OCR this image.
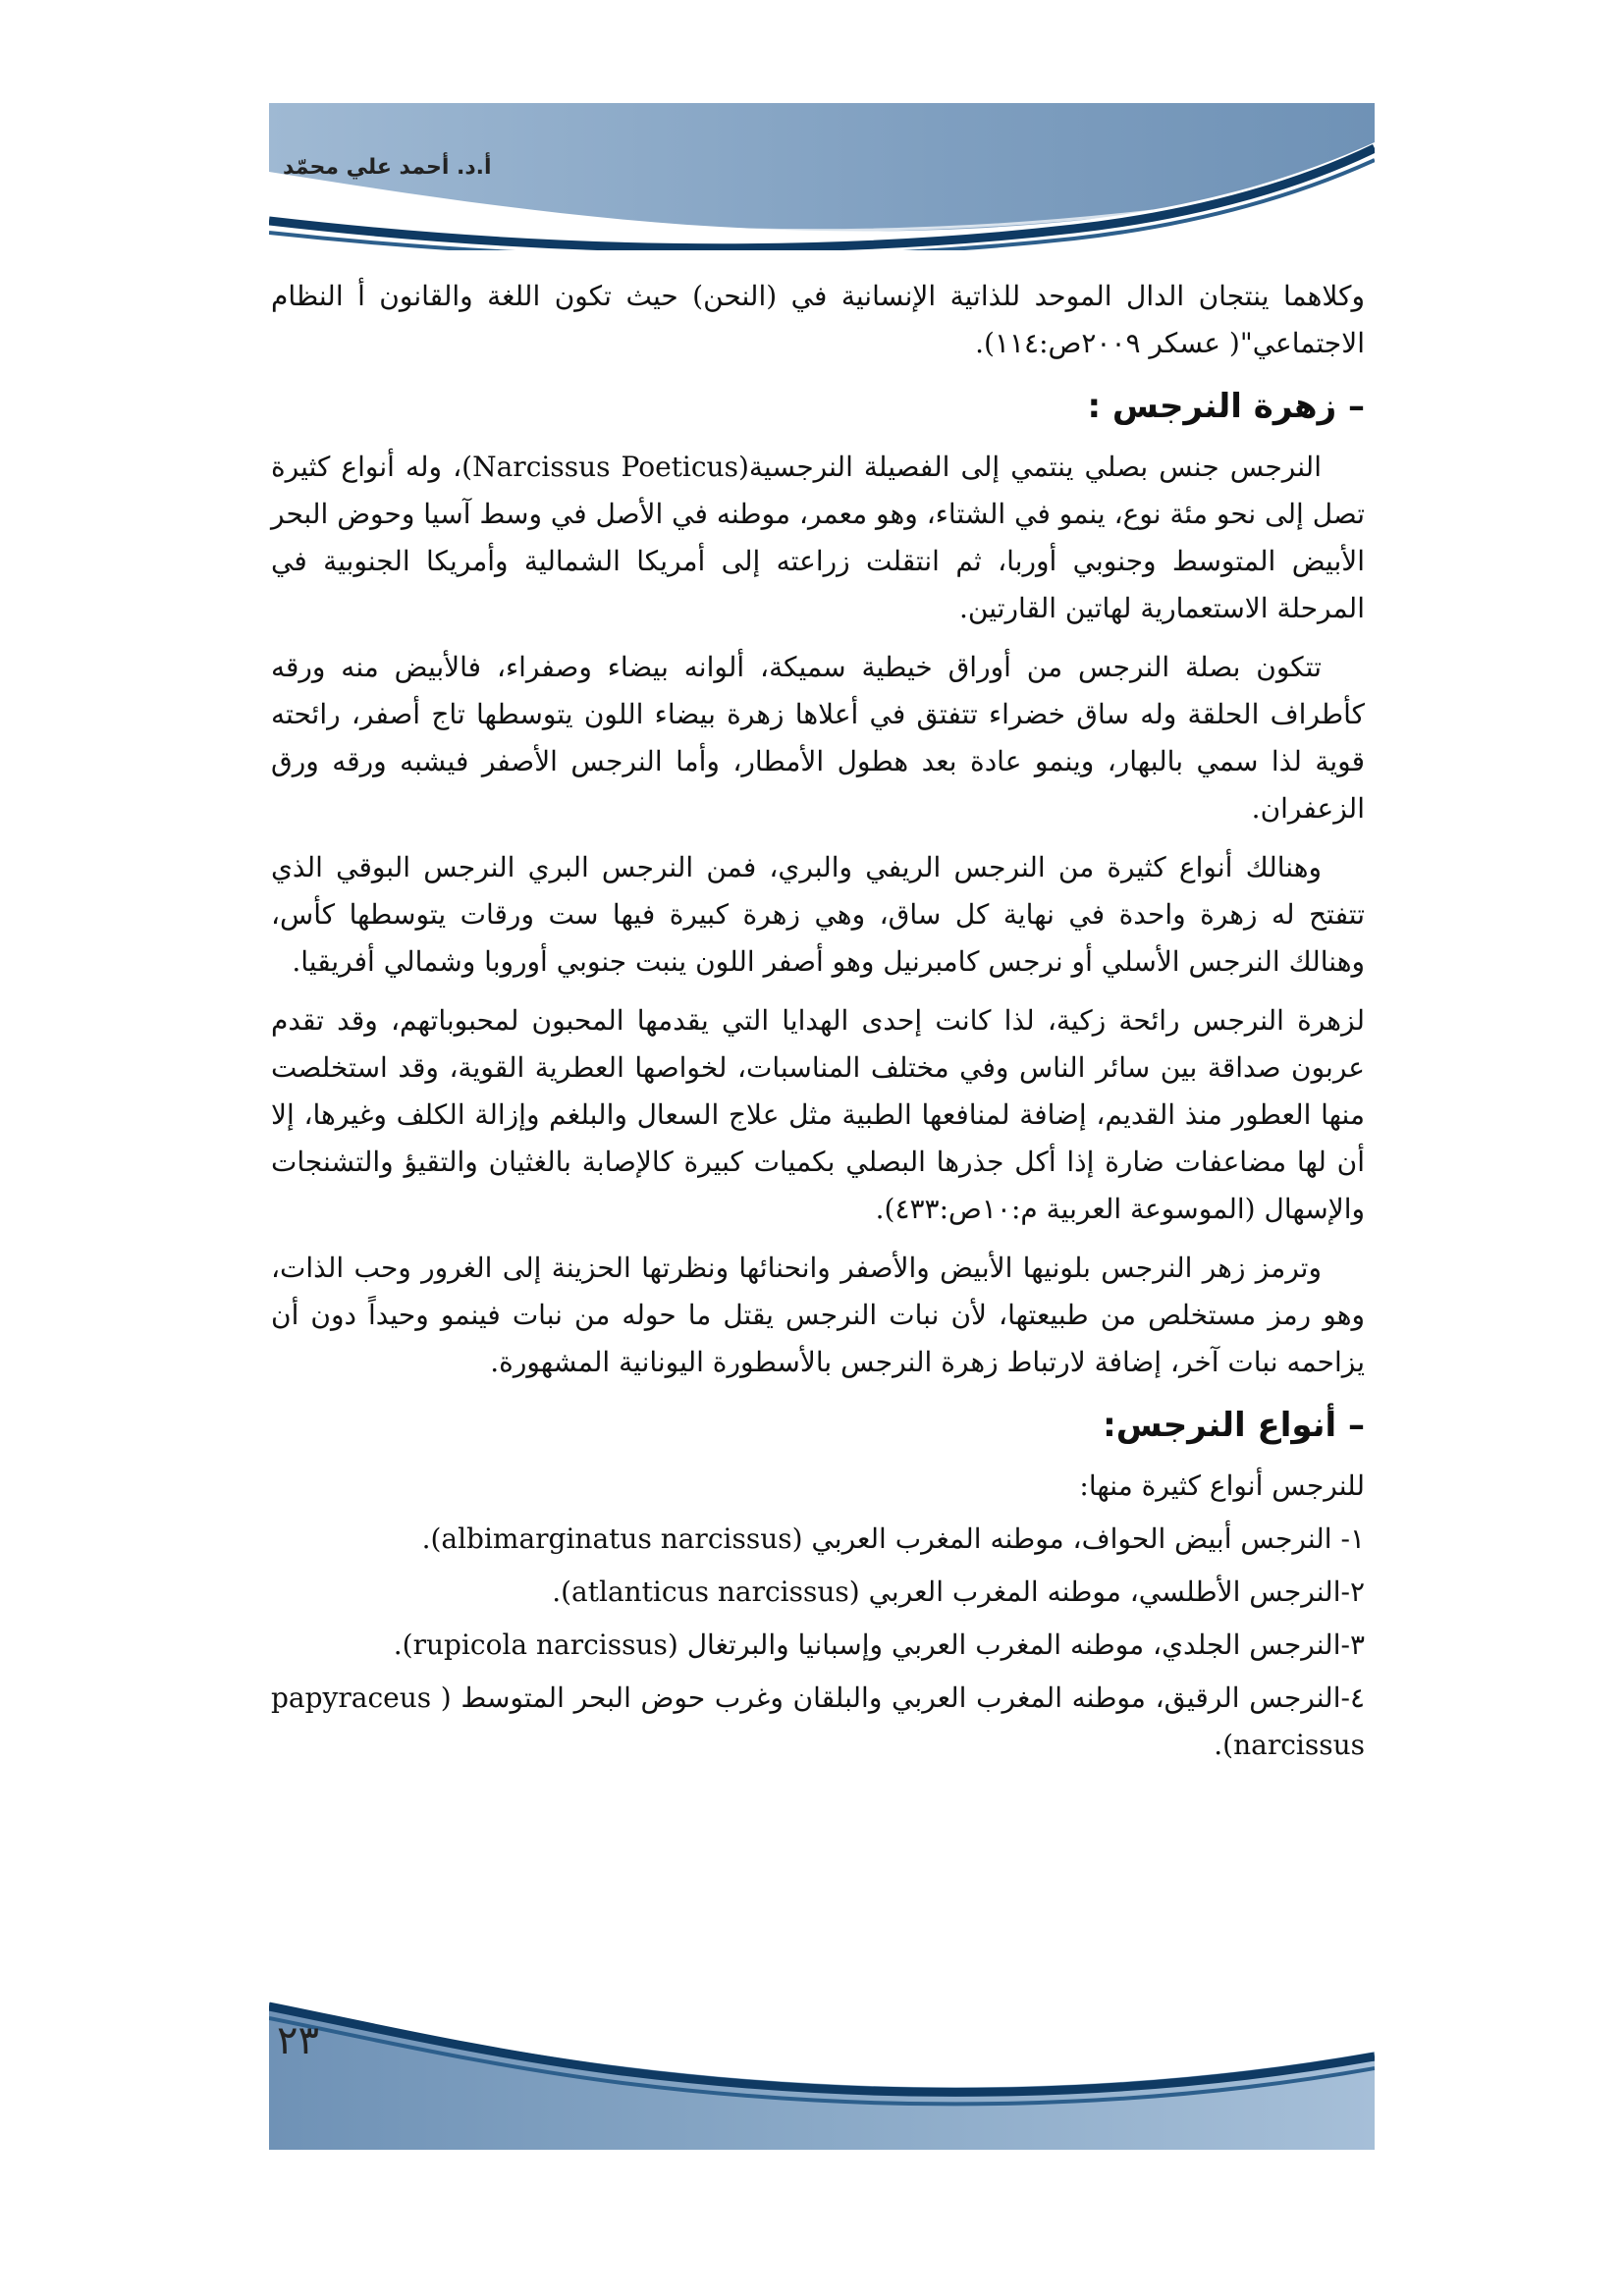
أ.د. أحمد علي محمّد

وكلاهما ينتجان الدال الموحد للذاتية الإنسانية في (النحن) حيث تكون اللغة والقانون أ النظام الاجتماعي"( عسكر ٢٠٠٩ص:١١٤).

– زهرة النرجس :

النرجس جنس بصلي ينتمي إلى الفصيلة النرجسية(Narcissus Poeticus)، وله أنواع كثيرة تصل إلى نحو مئة نوع، ينمو في الشتاء، وهو معمر، موطنه في الأصل في وسط آسيا وحوض البحر الأبيض المتوسط وجنوبي أوربا، ثم انتقلت زراعته إلى أمريكا الشمالية وأمريكا الجنوبية في المرحلة الاستعمارية لهاتين القارتين.

تتكون بصلة النرجس من أوراق خيطية سميكة، ألوانه بيضاء وصفراء، فالأبيض منه ورقه كأطراف الحلقة وله ساق خضراء تتفتق في أعلاها زهرة بيضاء اللون يتوسطها تاج أصفر، رائحته قوية لذا سمي بالبهار، وينمو عادة بعد هطول الأمطار، وأما النرجس الأصفر فيشبه ورقه ورق الزعفران.

وهنالك أنواع كثيرة من النرجس الريفي والبري، فمن النرجس البري النرجس البوقي الذي تتفتح له زهرة واحدة في نهاية كل ساق، وهي زهرة كبيرة فيها ست ورقات يتوسطها كأس، وهنالك النرجس الأسلي أو نرجس كامبرنيل وهو أصفر اللون ينبت جنوبي أوروبا وشمالي أفريقيا.

لزهرة النرجس رائحة زكية، لذا كانت إحدى الهدايا التي يقدمها المحبون لمحبوباتهم، وقد تقدم عربون صداقة بين سائر الناس وفي مختلف المناسبات، لخواصها العطرية القوية، وقد استخلصت منها العطور منذ القديم، إضافة لمنافعها الطبية مثل علاج السعال والبلغم وإزالة الكلف وغيرها، إلا أن لها مضاعفات ضارة إذا أكل جذرها البصلي بكميات كبيرة كالإصابة بالغثيان والتقيؤ والتشنجات والإسهال (الموسوعة العربية م:١٠ص:٤٣٣).

وترمز زهر النرجس بلونيها الأبيض والأصفر وانحنائها ونظرتها الحزينة إلى الغرور وحب الذات، وهو رمز مستخلص من طبيعتها، لأن نبات النرجس يقتل ما حوله من نبات فينمو وحيداً دون أن يزاحمه نبات آخر، إضافة لارتباط زهرة النرجس بالأسطورة اليونانية المشهورة.

– أنواع النرجس:

للنرجس أنواع كثيرة منها:

١- النرجس أبيض الحواف، موطنه المغرب العربي (albimarginatus narcissus).

٢-النرجس الأطلسي، موطنه المغرب العربي (atlanticus narcissus).

٣-النرجس الجلدي، موطنه المغرب العربي وإسبانيا والبرتغال (rupicola narcissus).

٤-النرجس الرقيق، موطنه المغرب العربي والبلقان وغرب حوض البحر المتوسط ( papyraceus narcissus).

٢٣
